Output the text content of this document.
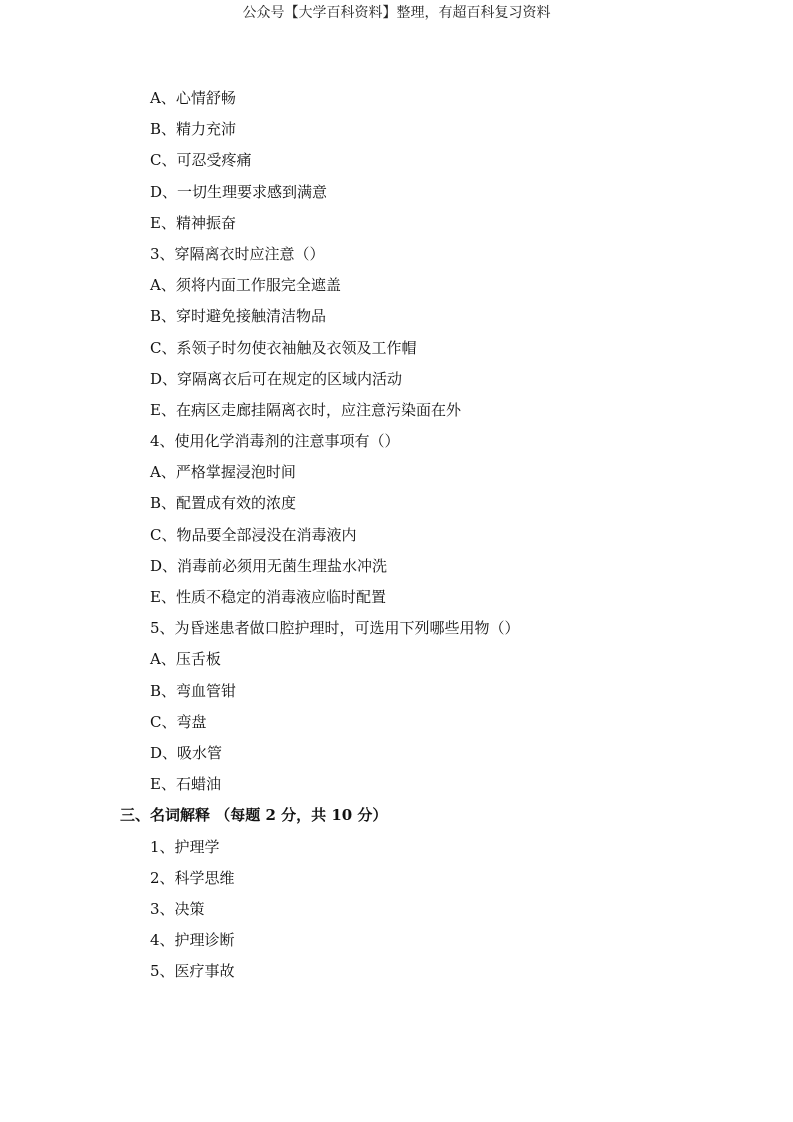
公众号【大学百科资料】整理，有超百科复习资料
A、心情舒畅
B、精力充沛
C、可忍受疼痛
D、一切生理要求感到满意
E、精神振奋
3、穿隔离衣时应注意（）
A、须将内面工作服完全遮盖
B、穿时避免接触清洁物品
C、系领子时勿使衣袖触及衣领及工作帽
D、穿隔离衣后可在规定的区域内活动
E、在病区走廊挂隔离衣时，应注意污染面在外
4、使用化学消毒剂的注意事项有（）
A、严格掌握浸泡时间
B、配置成有效的浓度
C、物品要全部浸没在消毒液内
D、消毒前必须用无菌生理盐水冲洗
E、性质不稳定的消毒液应临时配置
5、为昏迷患者做口腔护理时，可选用下列哪些用物（）
A、压舌板
B、弯血管钳
C、弯盘
D、吸水管
E、石蜡油
三、名词解释 （每题 2 分，共 10 分）
1、护理学
2、科学思维
3、决策
4、护理诊断
5、医疗事故
